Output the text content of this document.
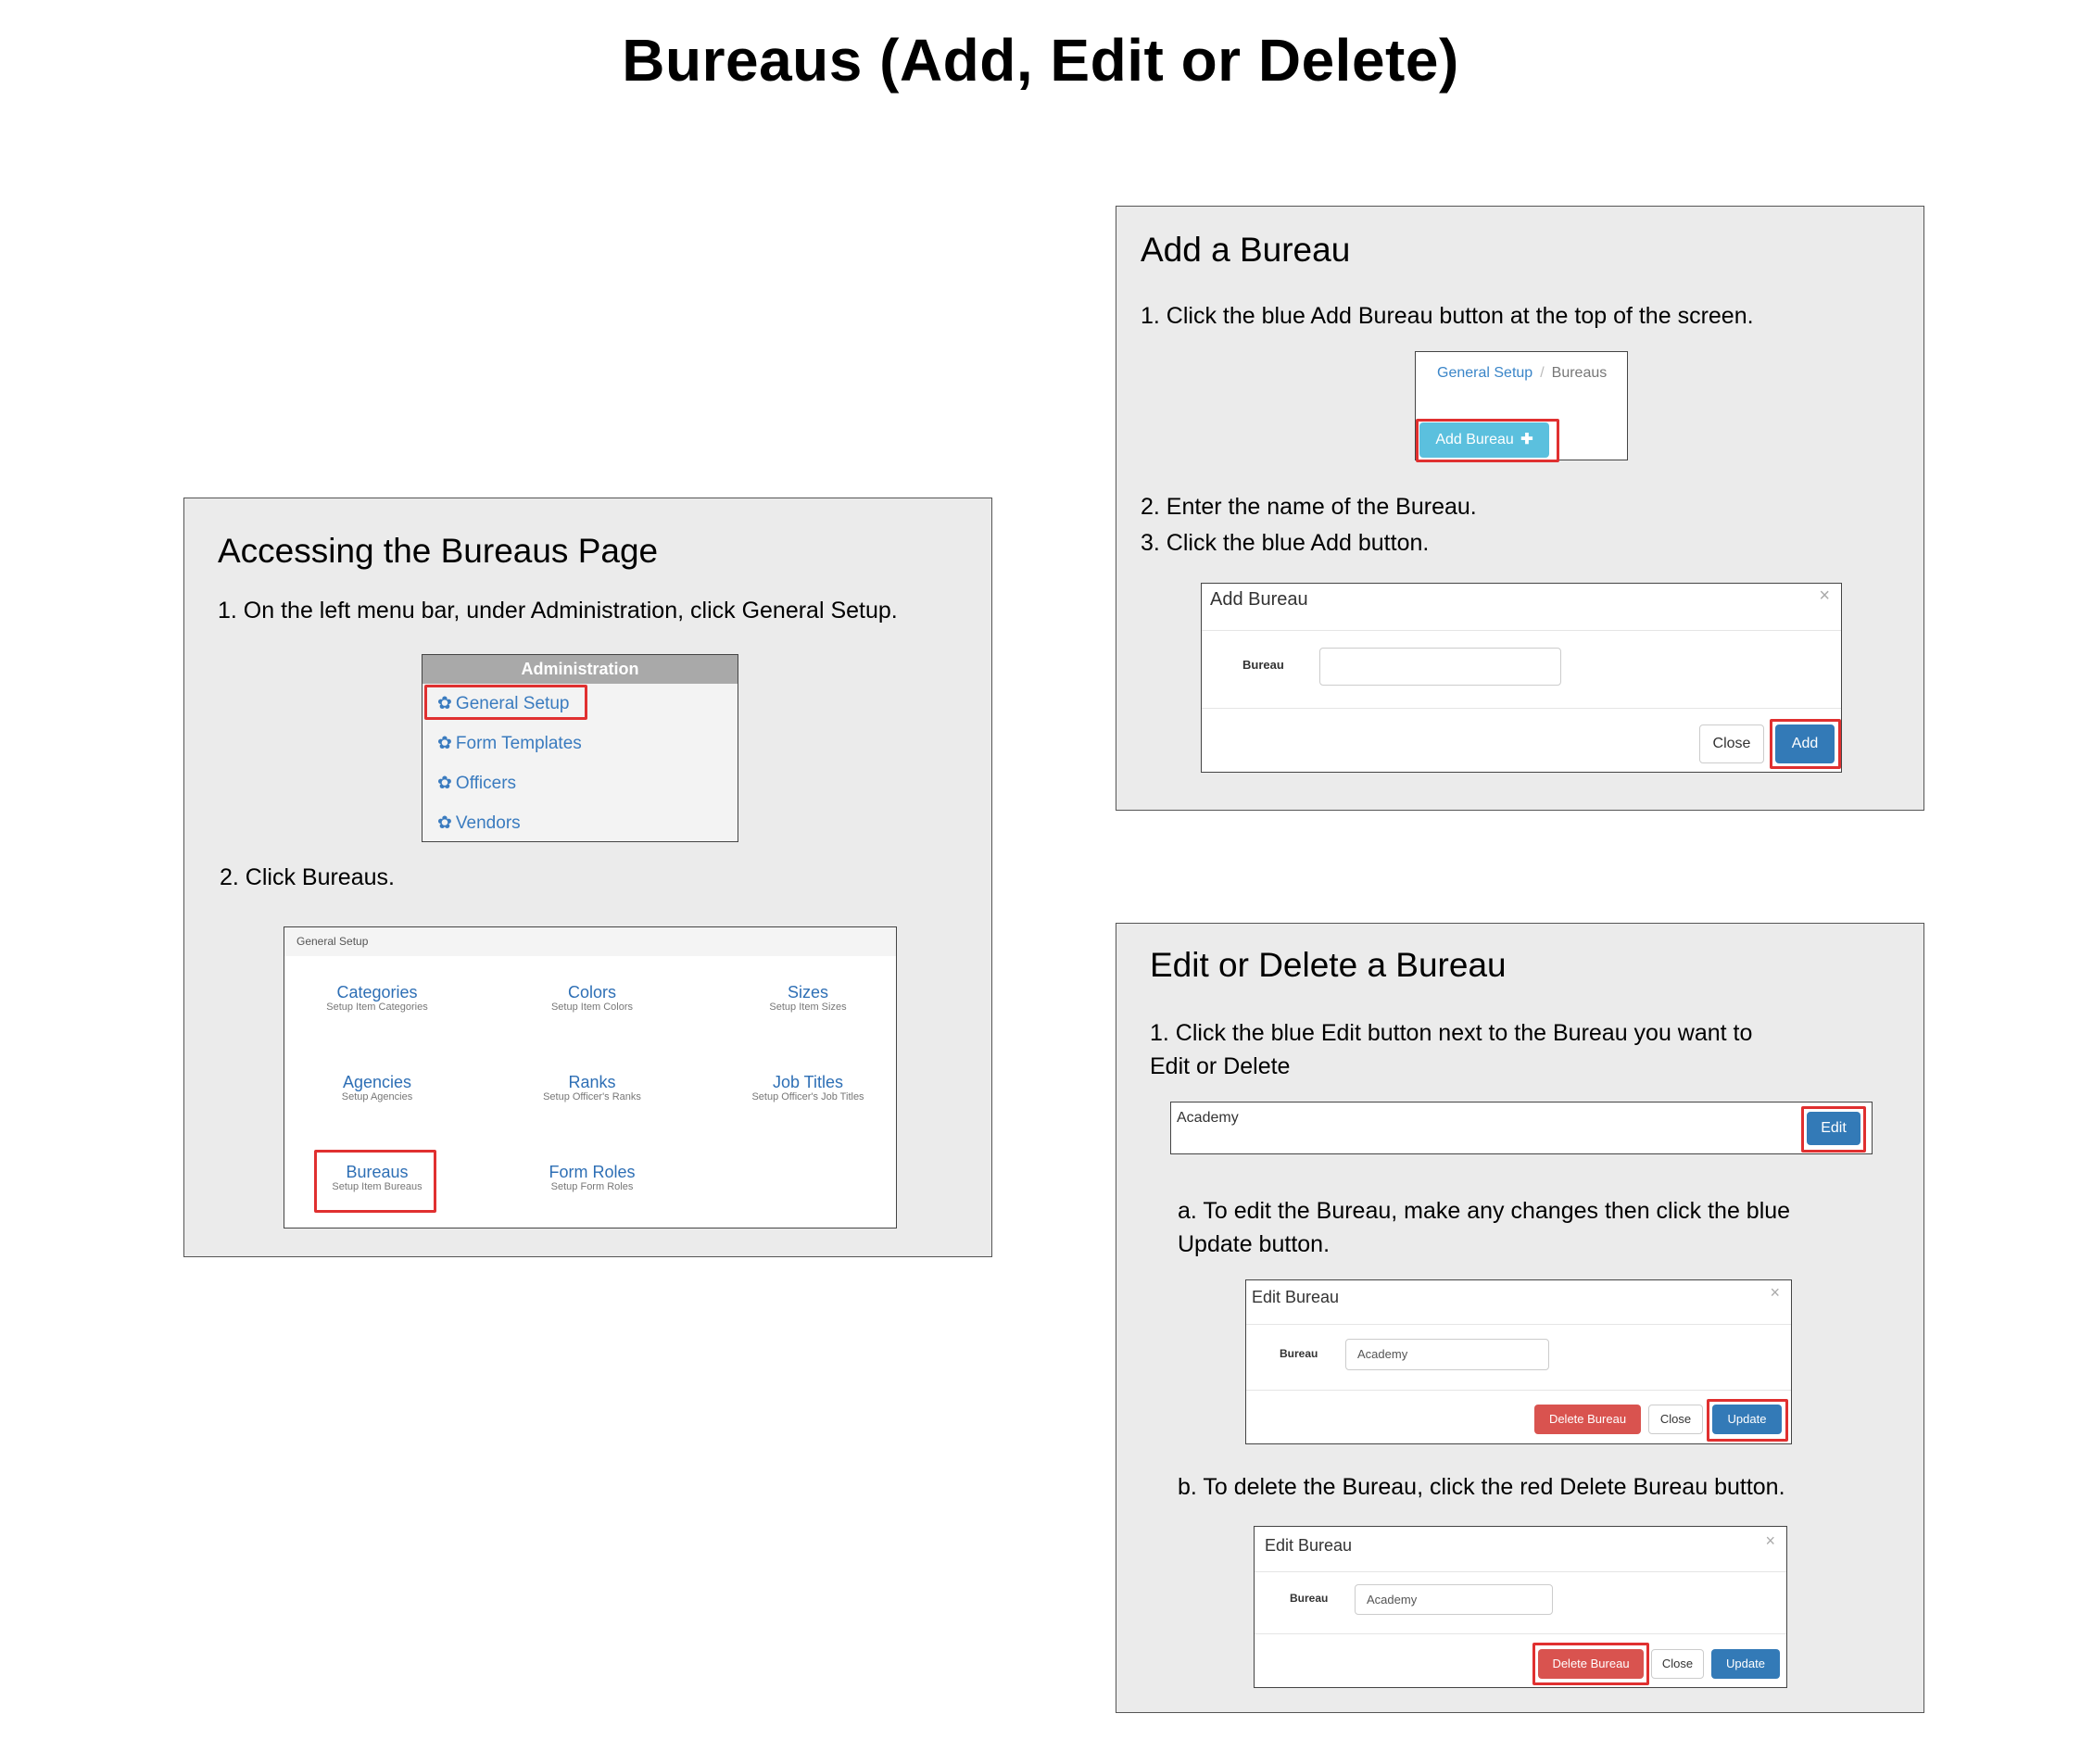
Bureaus (Add, Edit or Delete)
Accessing the Bureaus Page
1. On the left menu bar, under Administration, click General Setup.
Administration
✿ General Setup
✿ Form Templates
✿ Officers
✿ Vendors
2. Click Bureaus.
General Setup
Categories
Setup Item Categories
Colors
Setup Item Colors
Sizes
Setup Item Sizes
Agencies
Setup Agencies
Ranks
Setup Officer's Ranks
Job Titles
Setup Officer's Job Titles
Bureaus
Setup Item Bureaus
Form Roles
Setup Form Roles
Add a Bureau
1. Click the blue Add Bureau button at the top of the screen.
General Setup / Bureaus
Add Bureau ✚
2. Enter the name of the Bureau.
3. Click the blue Add button.
Add Bureau	×
Bureau
Close	Add
Edit or Delete a Bureau
1. Click the blue Edit button next to the Bureau you want to
Edit or Delete
Academy
Edit
a. To edit the Bureau, make any changes then click the blue
Update button.
Edit Bureau	×
Bureau	Academy
Delete Bureau	Close	Update
b. To delete the Bureau, click the red Delete Bureau button.
Edit Bureau	×
Bureau	Academy
Delete Bureau	Close	Update
